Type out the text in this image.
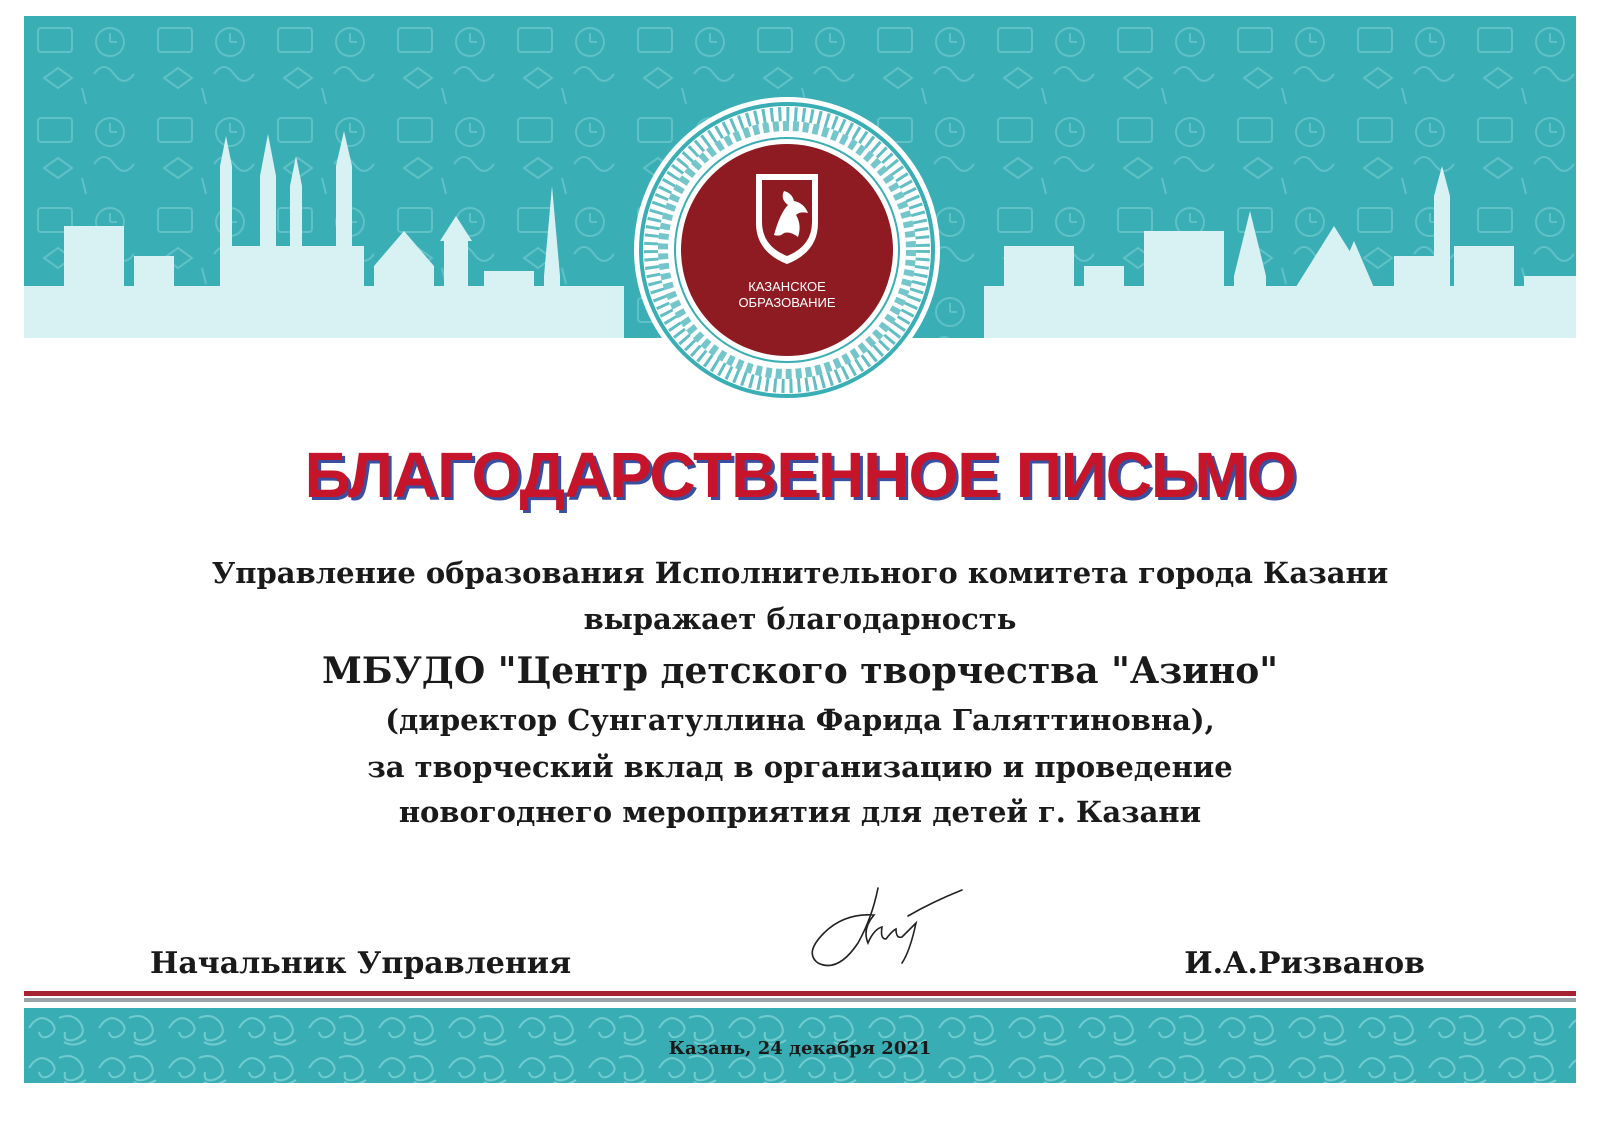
КАЗАНСКОЕ
ОБРАЗОВАНИЕ
БЛАГОДАРСТВЕННОЕ ПИСЬМО
Управление образования Исполнительного комитета города Казани
выражает благодарность
МБУДО "Центр детского творчества "Азино"
(директор Сунгатуллина Фарида Галяттиновна),
за творческий вклад в организацию и проведение
новогоднего мероприятия для детей г. Казани
Начальник Управления	И.А.Ризванов
Казань, 24 декабря 2021
